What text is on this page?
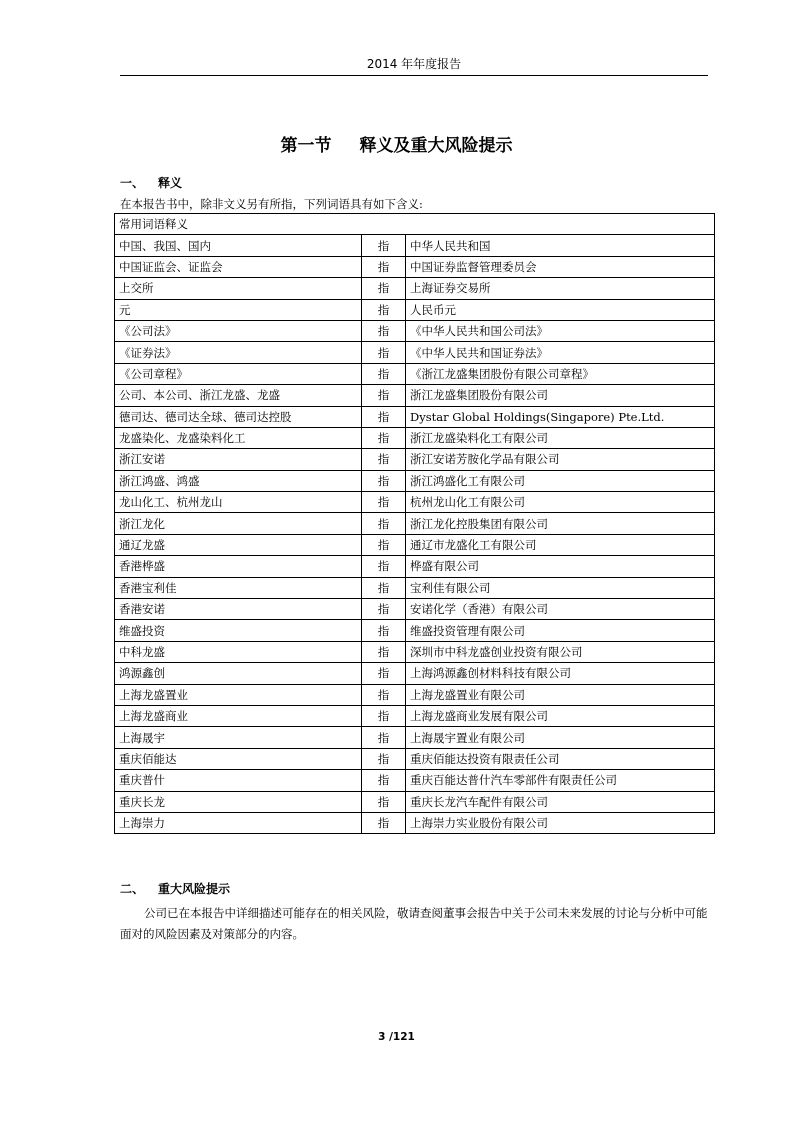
2014 年年度报告
第一节 释义及重大风险提示
一、 释义
在本报告书中，除非文义另有所指，下列词语具有如下含义:
常用词语释义		
中国、我国、国内	指	中华人民共和国
中国证监会、证监会	指	中国证券监督管理委员会
上交所	指	上海证券交易所
元	指	人民币元
《公司法》	指	《中华人民共和国公司法》
《证券法》	指	《中华人民共和国证券法》
《公司章程》	指	《浙江龙盛集团股份有限公司章程》
公司、本公司、浙江龙盛、龙盛	指	浙江龙盛集团股份有限公司
德司达、德司达全球、德司达控股	指	Dystar Global Holdings(Singapore) Pte.Ltd.
龙盛染化、龙盛染料化工	指	浙江龙盛染料化工有限公司
浙江安诺	指	浙江安诺芳胺化学品有限公司
浙江鸿盛、鸿盛	指	浙江鸿盛化工有限公司
龙山化工、杭州龙山	指	杭州龙山化工有限公司
浙江龙化	指	浙江龙化控股集团有限公司
通辽龙盛	指	通辽市龙盛化工有限公司
香港桦盛	指	桦盛有限公司
香港宝利佳	指	宝利佳有限公司
香港安诺	指	安诺化学（香港）有限公司
维盛投资	指	维盛投资管理有限公司
中科龙盛	指	深圳市中科龙盛创业投资有限公司
鸿源鑫创	指	上海鸿源鑫创材料科技有限公司
上海龙盛置业	指	上海龙盛置业有限公司
上海龙盛商业	指	上海龙盛商业发展有限公司
上海晟宇	指	上海晟宇置业有限公司
重庆佰能达	指	重庆佰能达投资有限责任公司
重庆普什	指	重庆百能达普什汽车零部件有限责任公司
重庆长龙	指	重庆长龙汽车配件有限公司
上海崇力	指	上海崇力实业股份有限公司
二、 重大风险提示
公司已在本报告中详细描述可能存在的相关风险，敬请查阅董事会报告中关于公司未来发展的讨论与分析中可能面对的风险因素及对策部分的内容。
3 /121
